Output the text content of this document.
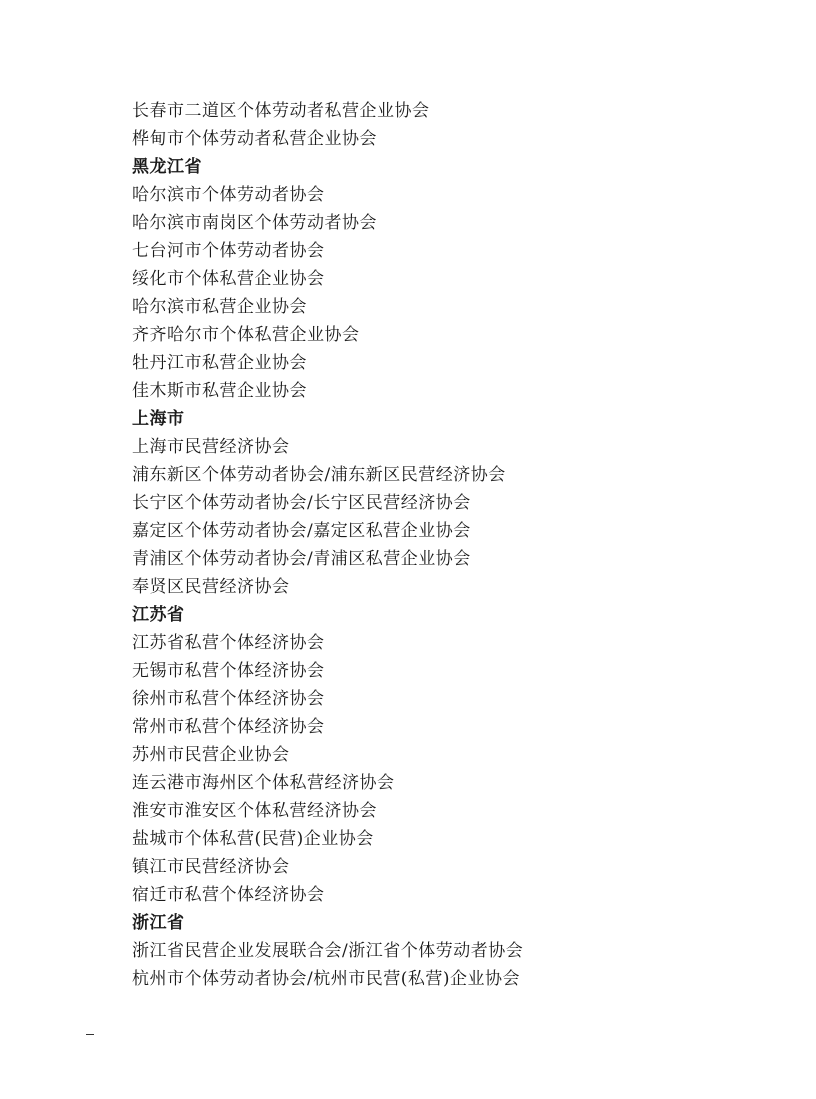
长春市二道区个体劳动者私营企业协会
桦甸市个体劳动者私营企业协会
黑龙江省
哈尔滨市个体劳动者协会
哈尔滨市南岗区个体劳动者协会
七台河市个体劳动者协会
绥化市个体私营企业协会
哈尔滨市私营企业协会
齐齐哈尔市个体私营企业协会
牡丹江市私营企业协会
佳木斯市私营企业协会
上海市
上海市民营经济协会
浦东新区个体劳动者协会/浦东新区民营经济协会
长宁区个体劳动者协会/长宁区民营经济协会
嘉定区个体劳动者协会/嘉定区私营企业协会
青浦区个体劳动者协会/青浦区私营企业协会
奉贤区民营经济协会
江苏省
江苏省私营个体经济协会
无锡市私营个体经济协会
徐州市私营个体经济协会
常州市私营个体经济协会
苏州市民营企业协会
连云港市海州区个体私营经济协会
淮安市淮安区个体私营经济协会
盐城市个体私营(民营)企业协会
镇江市民营经济协会
宿迁市私营个体经济协会
浙江省
浙江省民营企业发展联合会/浙江省个体劳动者协会
杭州市个体劳动者协会/杭州市民营(私营)企业协会
